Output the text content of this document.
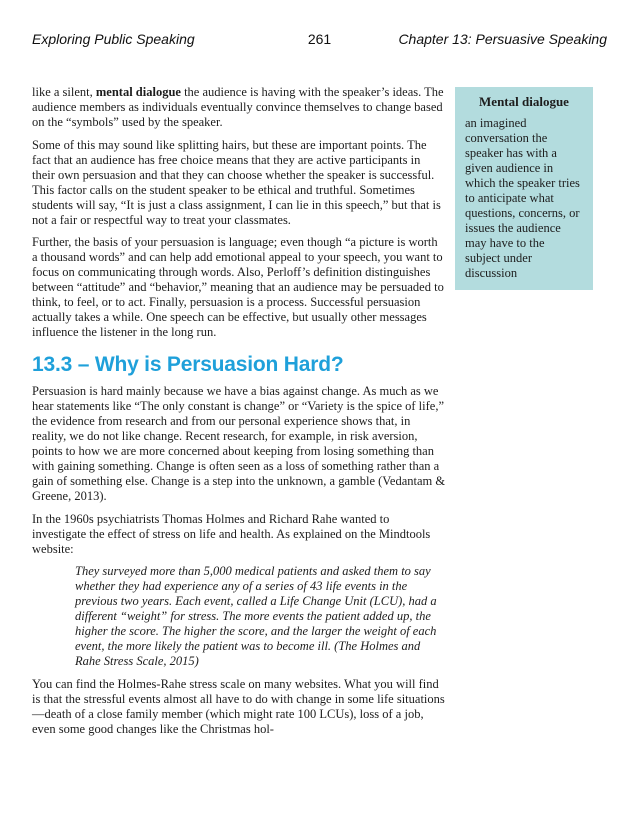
Exploring Public Speaking	261	Chapter 13: Persuasive Speaking

like a silent, mental dialogue the audience is having with the speaker’s ideas. The audience members as individuals eventually convince themselves to change based on the “symbols” used by the speaker.

Some of this may sound like splitting hairs, but these are important points. The fact that an audience has free choice means that they are active participants in their own persuasion and that they can choose whether the speaker is successful. This factor calls on the student speaker to be ethical and truthful. Sometimes students will say, “It is just a class assignment, I can lie in this speech,” but that is not a fair or respectful way to treat your classmates.

Further, the basis of your persuasion is language; even though “a picture is worth a thousand words” and can help add emotional appeal to your speech, you want to focus on communicating through words. Also, Perloff’s definition distinguishes between “attitude” and “behavior,” meaning that an audience may be persuaded to think, to feel, or to act. Finally, persuasion is a process. Successful persuasion actually takes a while. One speech can be effective, but usually other messages influence the listener in the long run.

13.3 – Why is Persuasion Hard?

Persuasion is hard mainly because we have a bias against change. As much as we hear statements like “The only constant is change” or “Variety is the spice of life,” the evidence from research and from our personal experience shows that, in reality, we do not like change. Recent research, for example, in risk aversion, points to how we are more concerned about keeping from losing something than with gaining something. Change is often seen as a loss of something rather than a gain of something else. Change is a step into the unknown, a gamble (Vedantam & Greene, 2013).

In the 1960s psychiatrists Thomas Holmes and Richard Rahe wanted to investigate the effect of stress on life and health. As explained on the Mindtools website:

They surveyed more than 5,000 medical patients and asked them to say whether they had experience any of a series of 43 life events in the previous two years. Each event, called a Life Change Unit (LCU), had a different “weight” for stress. The more events the patient added up, the higher the score. The higher the score, and the larger the weight of each event, the more likely the patient was to become ill. (The Holmes and Rahe Stress Scale, 2015)

You can find the Holmes-Rahe stress scale on many websites. What you will find is that the stressful events almost all have to do with change in some life situations—death of a close family member (which might rate 100 LCUs), loss of a job, even some good changes like the Christmas hol-

Mental dialogue
an imagined conversation the speaker has with a given audience in which the speaker tries to anticipate what questions, concerns, or issues the audience may have to the subject under discussion
